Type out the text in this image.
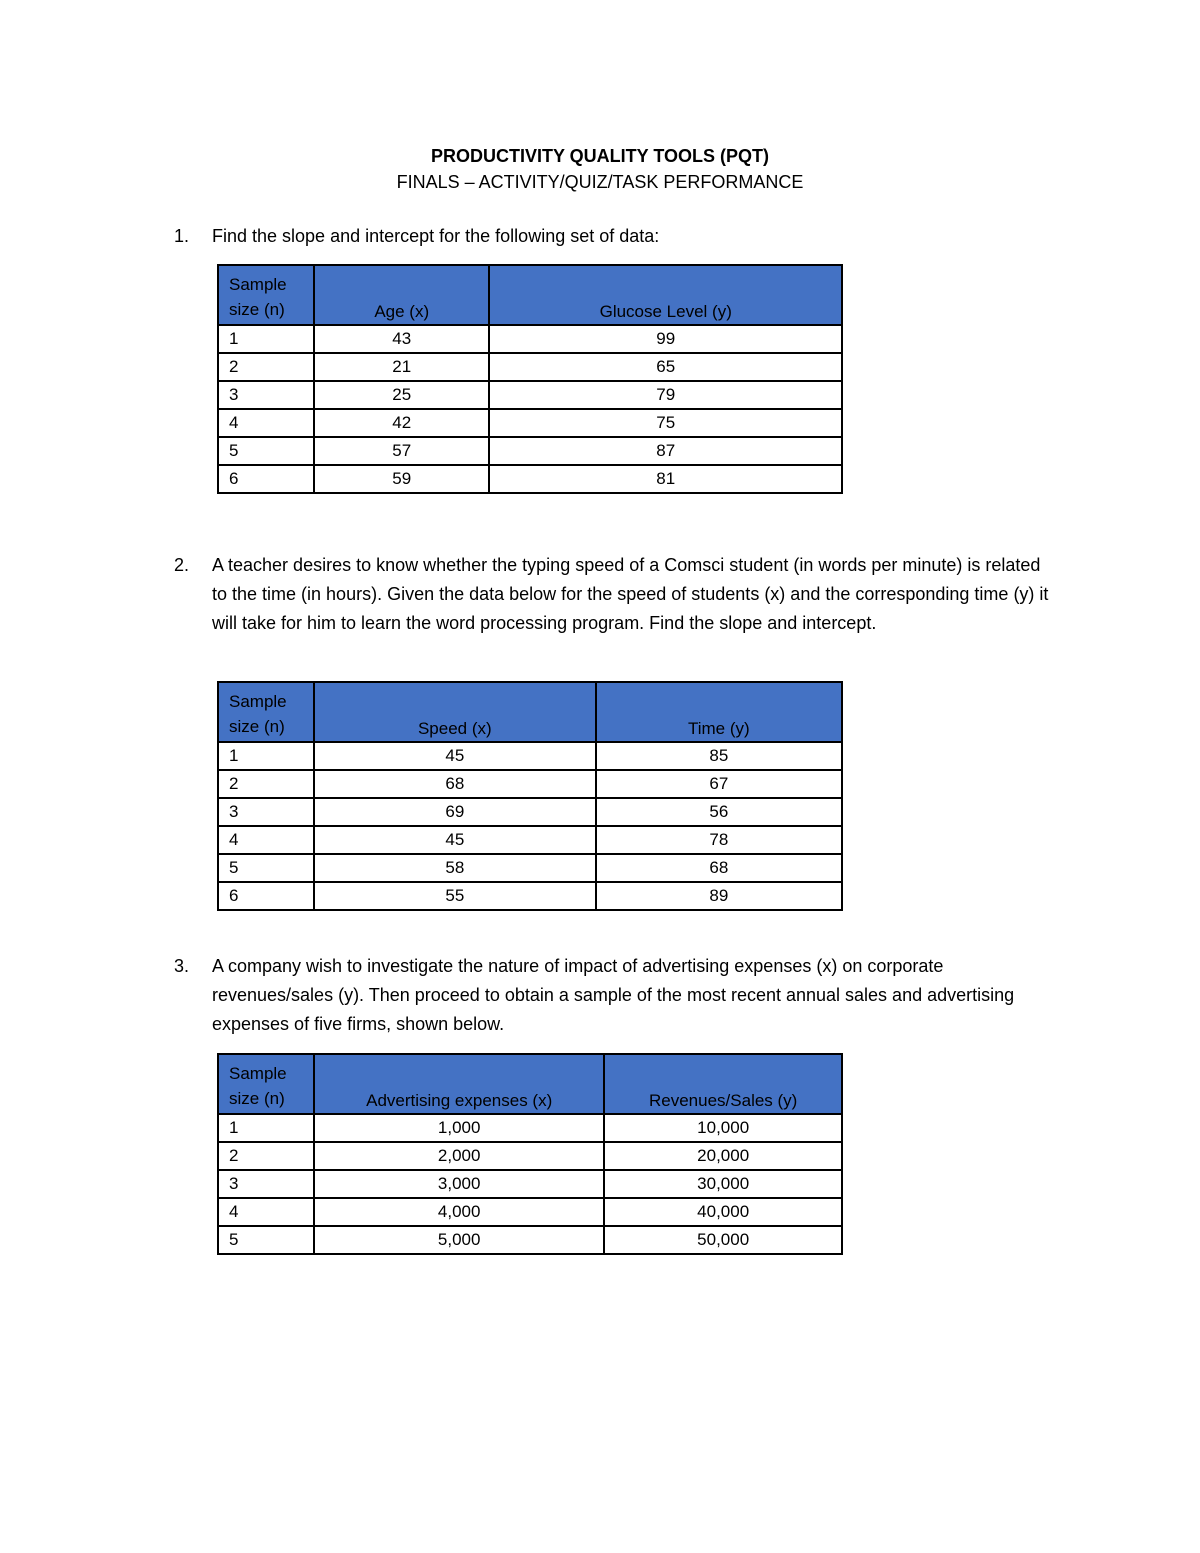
PRODUCTIVITY QUALITY TOOLS (PQT)
FINALS – ACTIVITY/QUIZ/TASK PERFORMANCE
1.	Find the slope and intercept for the following set of data:
Sample size (n)	Age (x)	Glucose Level (y)
1	43	99
2	21	65
3	25	79
4	42	75
5	57	87
6	59	81
2.	A teacher desires to know whether the typing speed of a Comsci student (in words per minute) is related to the time (in hours). Given the data below for the speed of students (x) and the corresponding time (y) it will take for him to learn the word processing program. Find the slope and intercept.
Sample size (n)	Speed (x)	Time (y)
1	45	85
2	68	67
3	69	56
4	45	78
5	58	68
6	55	89
3.	A company wish to investigate the nature of impact of advertising expenses (x) on corporate revenues/sales (y). Then proceed to obtain a sample of the most recent annual sales and advertising expenses of five firms, shown below.
Sample size (n)	Advertising expenses (x)	Revenues/Sales (y)
1	1,000	10,000
2	2,000	20,000
3	3,000	30,000
4	4,000	40,000
5	5,000	50,000
